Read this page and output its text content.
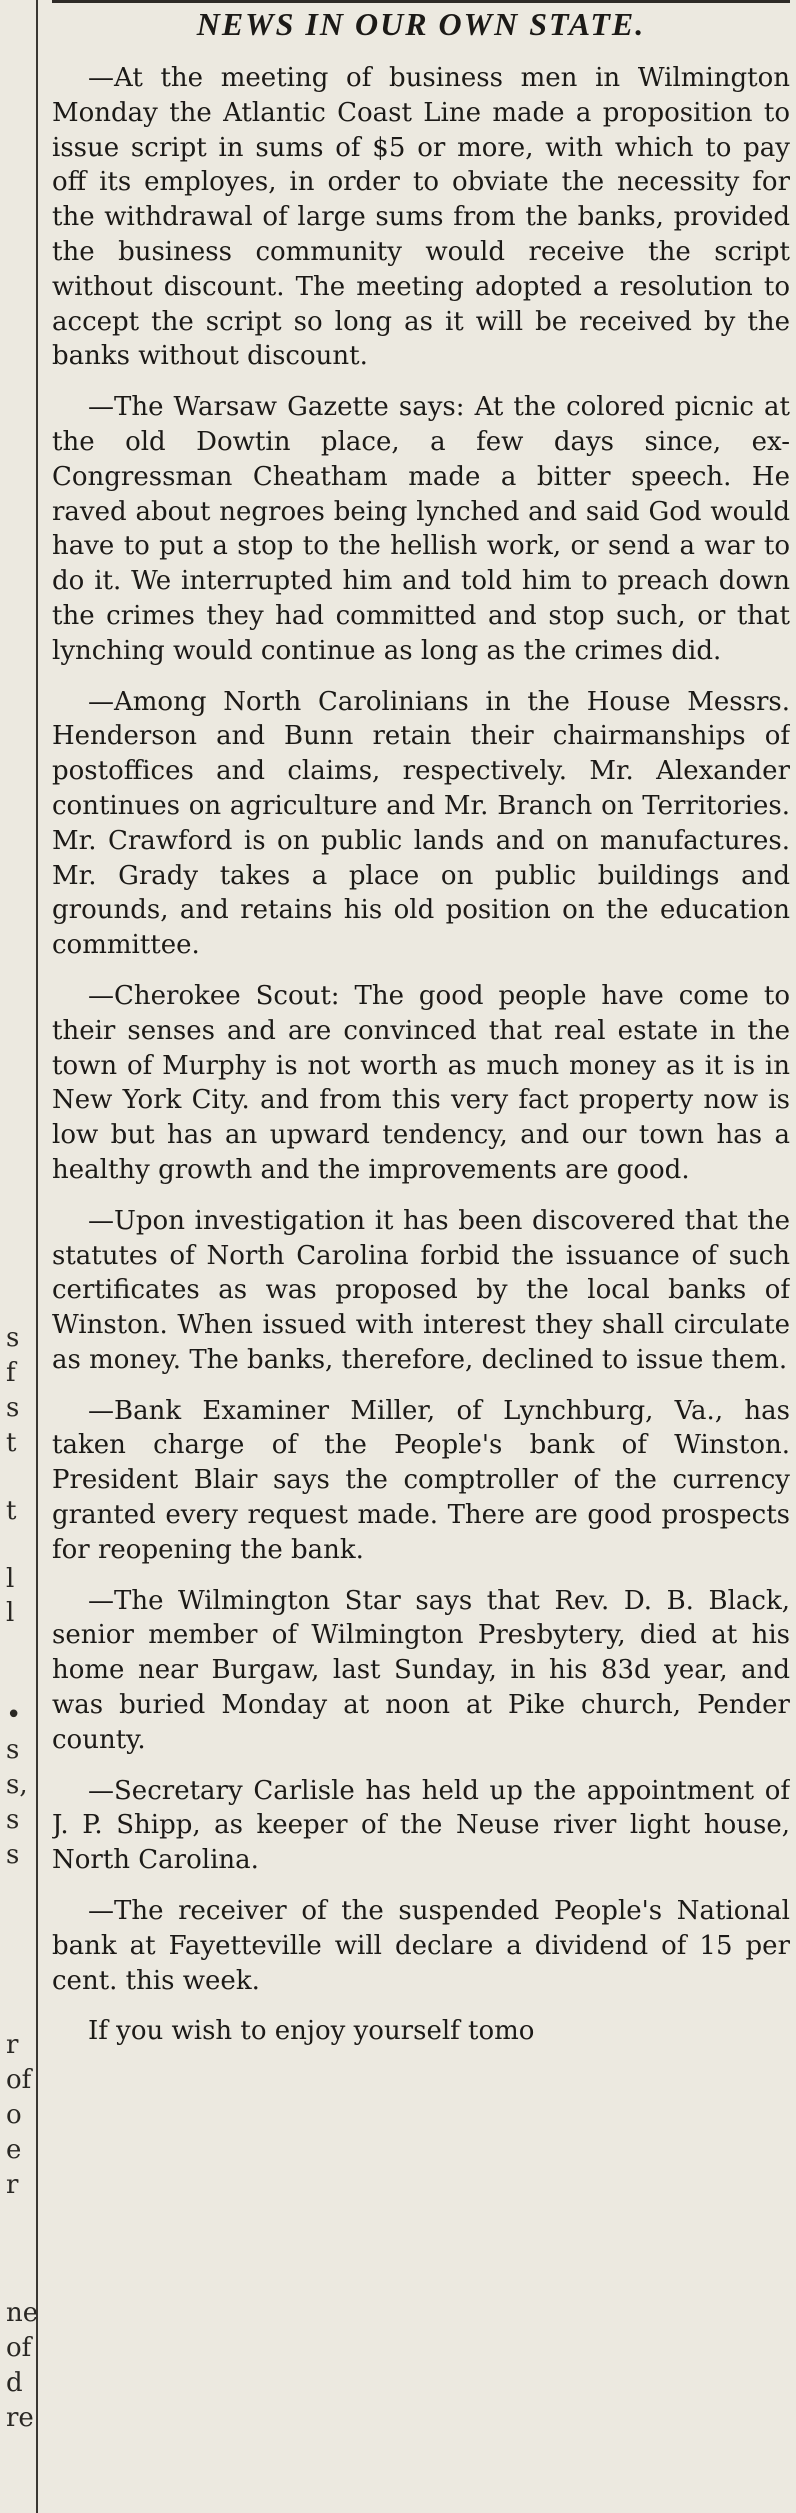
s
f
s
t
t
l
l
•
s
s,
s
s
r
of
o
e
r
ne
of
d
re
NEWS IN OUR OWN STATE.

—At the meeting of business men in Wilmington Monday the Atlantic Coast Line made a proposition to issue script in sums of $5 or more, with which to pay off its employes, in order to obviate the necessity for the withdrawal of large sums from the banks, provided the business community would receive the script without discount. The meeting adopted a resolution to accept the script so long as it will be received by the banks without discount.

—The Warsaw Gazette says: At the colored picnic at the old Dowtin place, a few days since, ex-Congressman Cheatham made a bitter speech. He raved about negroes being lynched and said God would have to put a stop to the hellish work, or send a war to do it. We interrupted him and told him to preach down the crimes they had committed and stop such, or that lynching would continue as long as the crimes did.

—Among North Carolinians in the House Messrs. Henderson and Bunn retain their chairmanships of postoffices and claims, respectively. Mr. Alexander continues on agriculture and Mr. Branch on Territories. Mr. Crawford is on public lands and on manufactures. Mr. Grady takes a place on public buildings and grounds, and retains his old position on the education committee.

—Cherokee Scout: The good people have come to their senses and are convinced that real estate in the town of Murphy is not worth as much money as it is in New York City. and from this very fact property now is low but has an upward tendency, and our town has a healthy growth and the improvements are good.

—Upon investigation it has been discovered that the statutes of North Carolina forbid the issuance of such certificates as was proposed by the local banks of Winston. When issued with interest they shall circulate as money. The banks, therefore, declined to issue them.

—Bank Examiner Miller, of Lynchburg, Va., has taken charge of the People's bank of Winston. President Blair says the comptroller of the currency granted every request made. There are good prospects for reopening the bank.

—The Wilmington Star says that Rev. D. B. Black, senior member of Wilmington Presbytery, died at his home near Burgaw, last Sunday, in his 83d year, and was buried Monday at noon at Pike church, Pender county.

—Secretary Carlisle has held up the appointment of J. P. Shipp, as keeper of the Neuse river light house, North Carolina.

—The receiver of the suspended People's National bank at Fayetteville will declare a dividend of 15 per cent. this week.

If you wish to enjoy yourself tomo
